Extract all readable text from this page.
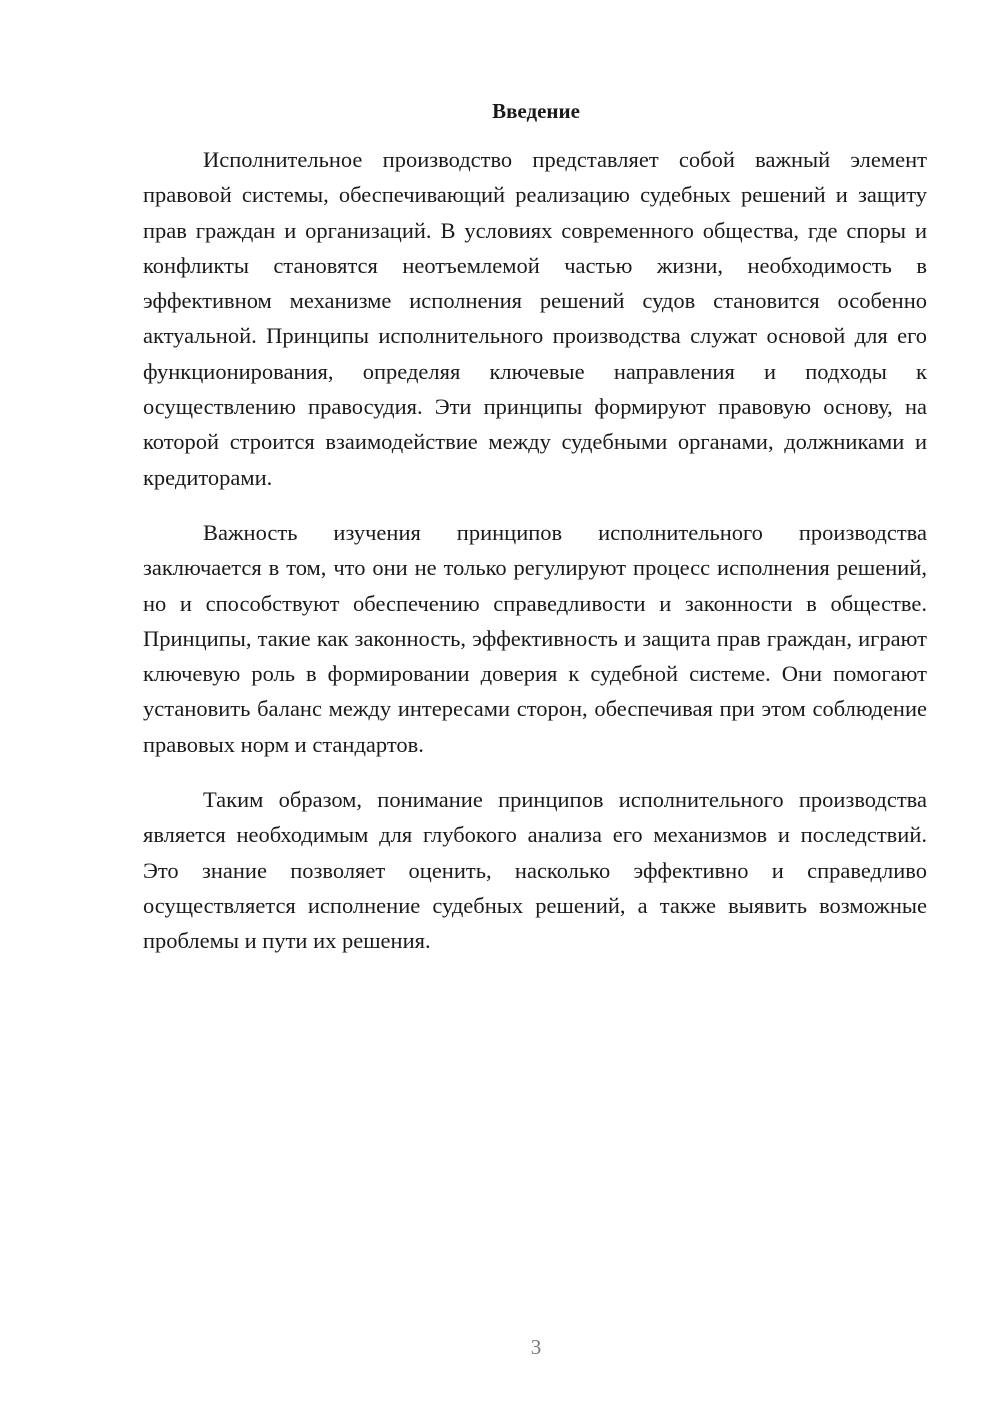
Введение

Исполнительное производство представляет собой важный элемент правовой системы, обеспечивающий реализацию судебных решений и защиту прав граждан и организаций. В условиях современного общества, где споры и конфликты становятся неотъемлемой частью жизни, необходимость в эффективном механизме исполнения решений судов становится особенно актуальной. Принципы исполнительного производства служат основой для его функционирования, определяя ключевые направления и подходы к осуществлению правосудия. Эти принципы формируют правовую основу, на которой строится взаимодействие между судебными органами, должниками и кредиторами.

Важность изучения принципов исполнительного производства заключается в том, что они не только регулируют процесс исполнения решений, но и способствуют обеспечению справедливости и законности в обществе. Принципы, такие как законность, эффективность и защита прав граждан, играют ключевую роль в формировании доверия к судебной системе. Они помогают установить баланс между интересами сторон, обеспечивая при этом соблюдение правовых норм и стандартов.

Таким образом, понимание принципов исполнительного производства является необходимым для глубокого анализа его механизмов и последствий. Это знание позволяет оценить, насколько эффективно и справедливо осуществляется исполнение судебных решений, а также выявить возможные проблемы и пути их решения.

3
